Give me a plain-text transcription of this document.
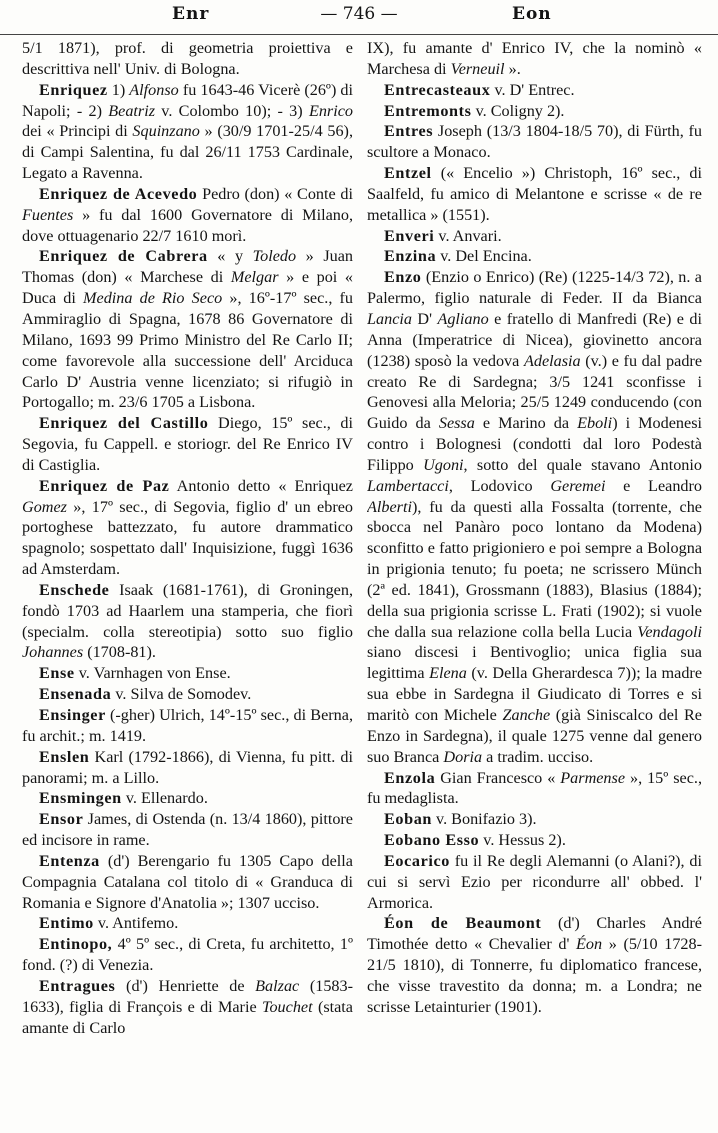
Enr	— 746 —	Eon

5/1 1871), prof. di geometria proiettiva e descrittiva nell' Univ. di Bologna.

Enriquez 1) Alfonso fu 1643-46 Vicerè (26º) di Napoli; - 2) Beatriz v. Colombo 10); - 3) Enrico dei « Principi di Squinzano » (30/9 1701-25/4 56), di Campi Salentina, fu dal 26/11 1753 Cardinale, Legato a Ravenna.

Enriquez de Acevedo Pedro (don) « Conte di Fuentes » fu dal 1600 Governatore di Milano, dove ottuagenario 22/7 1610 morì.

Enriquez de Cabrera « y Toledo » Juan Thomas (don) « Marchese di Melgar » e poi « Duca di Medina de Rio Seco », 16º-17º sec., fu Ammiraglio di Spagna, 1678 86 Governatore di Milano, 1693 99 Primo Ministro del Re Carlo II; come favorevole alla successione dell' Arciduca Carlo D' Austria venne licenziato; si rifugiò in Portogallo; m. 23/6 1705 a Lisbona.

Enriquez del Castillo Diego, 15º sec., di Segovia, fu Cappell. e storiogr. del Re Enrico IV di Castiglia.

Enriquez de Paz Antonio detto « Enriquez Gomez », 17º sec., di Segovia, figlio d' un ebreo portoghese battezzato, fu autore drammatico spagnolo; sospettato dall' Inquisizione, fuggì 1636 ad Amsterdam.

Enschede Isaak (1681-1761), di Groningen, fondò 1703 ad Haarlem una stamperia, che fiorì (specialm. colla stereotipia) sotto suo figlio Johannes (1708-81).

Ense v. Varnhagen von Ense.

Ensenada v. Silva de Somodev.

Ensinger (-gher) Ulrich, 14º-15º sec., di Berna, fu archit.; m. 1419.

Enslen Karl (1792-1866), di Vienna, fu pitt. di panorami; m. a Lillo.

Ensmingen v. Ellenardo.

Ensor James, di Ostenda (n. 13/4 1860), pittore ed incisore in rame.

Entenza (d') Berengario fu 1305 Capo della Compagnia Catalana col titolo di « Granduca di Romania e Signore d'Anatolia »; 1307 ucciso.

Entimo v. Antifemo.

Entinopo, 4º 5º sec., di Creta, fu architetto, 1º fond. (?) di Venezia.

Entragues (d') Henriette de Balzac (1583-1633), figlia di François e di Marie Touchet (stata amante di Carlo

IX), fu amante d' Enrico IV, che la nominò « Marchesa di Verneuil ».

Entrecasteaux v. D' Entrec.

Entremonts v. Coligny 2).

Entres Joseph (13/3 1804-18/5 70), di Fürth, fu scultore a Monaco.

Entzel (« Encelio ») Christoph, 16º sec., di Saalfeld, fu amico di Melantone e scrisse « de re metallica » (1551).

Enveri v. Anvari.

Enzina v. Del Encina.

Enzo (Enzio o Enrico) (Re) (1225-14/3 72), n. a Palermo, figlio naturale di Feder. II da Bianca Lancia D' Agliano e fratello di Manfredi (Re) e di Anna (Imperatrice di Nicea), giovinetto ancora (1238) sposò la vedova Adelasia (v.) e fu dal padre creato Re di Sardegna; 3/5 1241 sconfisse i Genovesi alla Meloria; 25/5 1249 conducendo (con Guido da Sessa e Marino da Eboli) i Modenesi contro i Bolognesi (condotti dal loro Podestà Filippo Ugoni, sotto del quale stavano Antonio Lambertacci, Lodovico Geremei e Leandro Alberti), fu da questi alla Fossalta (torrente, che sbocca nel Panàro poco lontano da Modena) sconfitto e fatto prigioniero e poi sempre a Bologna in prigionia tenuto; fu poeta; ne scrissero Münch (2ª ed. 1841), Grossmann (1883), Blasius (1884); della sua prigionia scrisse L. Frati (1902); si vuole che dalla sua relazione colla bella Lucia Vendagoli siano discesi i Bentivoglio; unica figlia sua legittima Elena (v. Della Gherardesca 7)); la madre sua ebbe in Sardegna il Giudicato di Torres e si maritò con Michele Zanche (già Siniscalco del Re Enzo in Sardegna), il quale 1275 venne dal genero suo Branca Doria a tradim. ucciso.

Enzola Gian Francesco « Parmense », 15º sec., fu medaglista.

Eoban v. Bonifazio 3).

Eobano Esso v. Hessus 2).

Eocarico fu il Re degli Alemanni (o Alani?), di cui si servì Ezio per ricondurre all' obbed. l' Armorica.

Éon de Beaumont (d') Charles André Timothée detto « Chevalier d' Éon » (5/10 1728-21/5 1810), di Tonnerre, fu diplomatico francese, che visse travestito da donna; m. a Londra; ne scrisse Letainturier (1901).
